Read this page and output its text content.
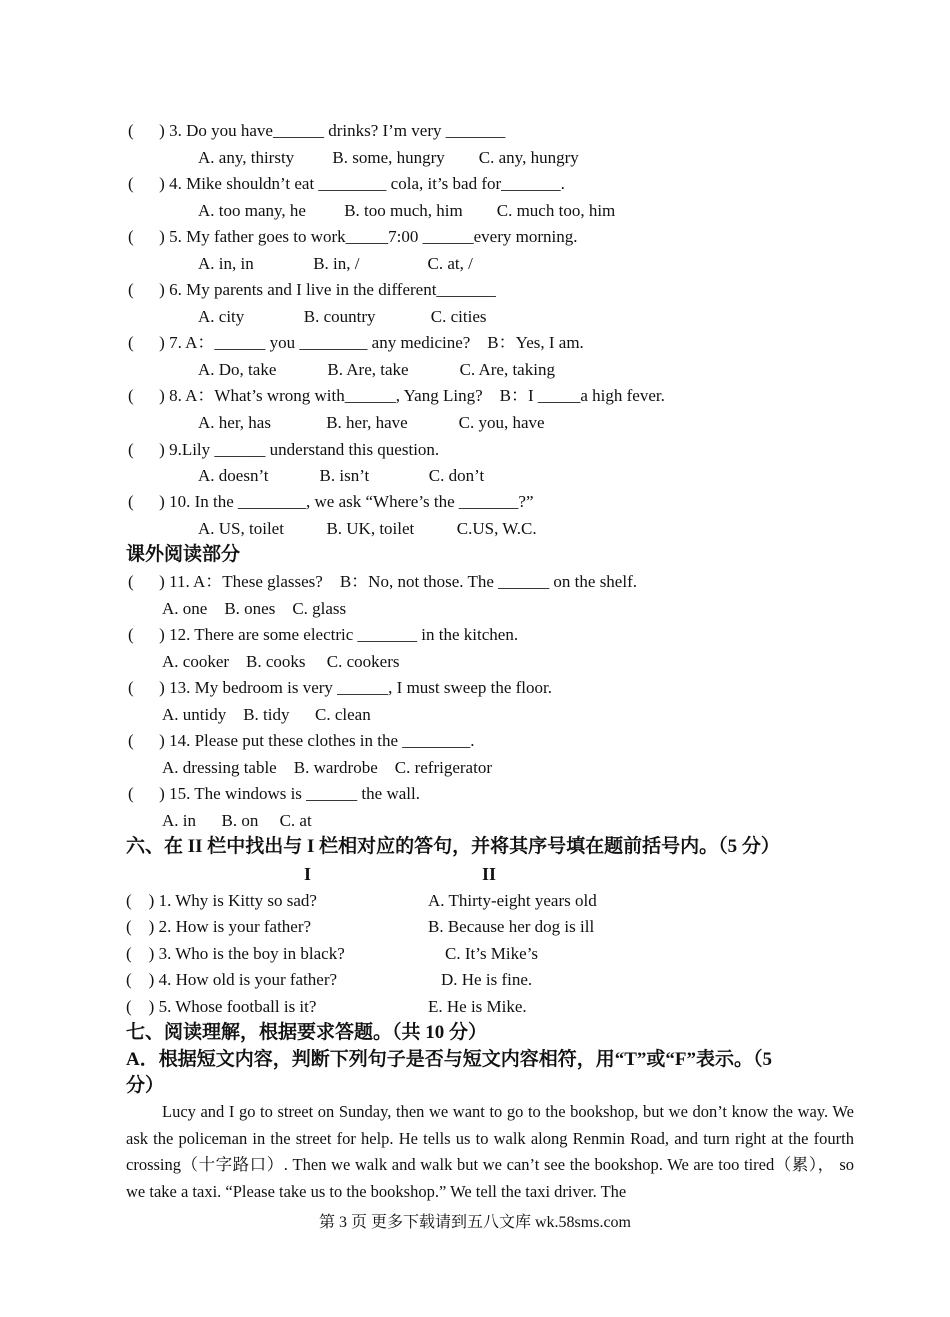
(      ) 3. Do you have______ drinks? I’m very _______
A. any, thirsty         B. some, hungry        C. any, hungry
(      ) 4. Mike shouldn’t eat ________ cola, it’s bad for_______.
A. too many, he         B. too much, him        C. much too, him
(      ) 5. My father goes to work_____7:00 ______every morning.
A. in, in              B. in, /                C. at, /
(      ) 6. My parents and I live in the different_______
A. city              B. country             C. cities
(      ) 7. A：______ you ________ any medicine?    B：Yes, I am.
A. Do, take            B. Are, take            C. Are, taking
(      ) 8. A：What’s wrong with______, Yang Ling?    B：I _____a high fever.
A. her, has             B. her, have            C. you, have
(      ) 9.Lily ______ understand this question.
A. doesn’t            B. isn’t              C. don’t
(      ) 10. In the ________, we ask “Where’s the _______?”
A. US, toilet          B. UK, toilet          C.US, W.C.
课外阅读部分
(      ) 11. A：These glasses?    B：No, not those. The ______ on the shelf.
A. one    B. ones    C. glass
(      ) 12. There are some electric _______ in the kitchen.
A. cooker    B. cooks     C. cookers
(      ) 13. My bedroom is very ______, I must sweep the floor.
A. untidy    B. tidy      C. clean
(      ) 14. Please put these clothes in the ________.
A. dressing table    B. wardrobe    C. refrigerator
(      ) 15. The windows is ______ the wall.
A. in      B. on     C. at
六、在 II 栏中找出与 I 栏相对应的答句，并将其序号填在题前括号内。（5 分）
I	II
(    ) 1. Why is Kitty so sad?	A. Thirty-eight years old
(    ) 2. How is your father?	B. Because her dog is ill
(    ) 3. Who is the boy in black?	C. It’s Mike’s
(    ) 4. How old is your father?	D. He is fine.
(    ) 5. Whose football is it?	E. He is Mike.
七、阅读理解，根据要求答题。（共 10 分）
A．根据短文内容，判断下列句子是否与短文内容相符，用“T”或“F”表示。（5
分）
Lucy and I go to street on Sunday, then we want to go to the bookshop, but we don’t know the way. We ask the policeman in the street for help. He tells us to walk along Renmin Road, and turn right at the fourth crossing（十字路口）. Then we walk and walk but we can’t see the bookshop. We are too tired（累）， so we take a taxi. “Please take us to the bookshop.” We tell the taxi driver. The
第 3 页 更多下载请到五八文库 wk.58sms.com
